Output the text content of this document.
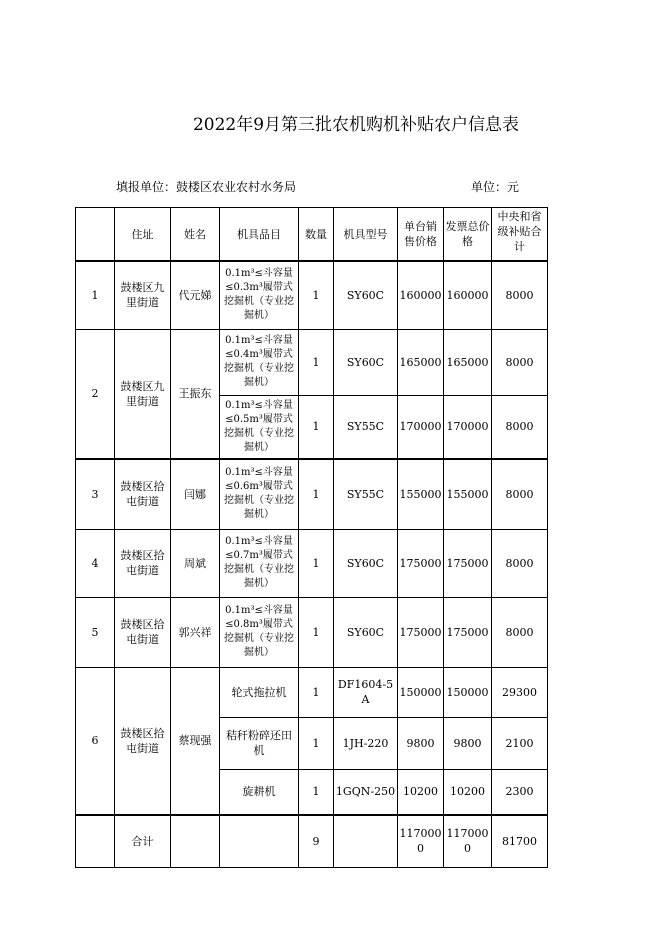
2022年9月第三批农机购机补贴农户信息表
填报单位：鼓楼区农业农村水务局	单位：元
	住址	姓名	机具品目	数量	机具型号	单台销售价格	发票总价格	中央和省级补贴合计

1	鼓楼区九里街道	代元娣	0.1m³≤斗容量≤0.3m³履带式挖掘机（专业挖掘机）	1	SY60C	160000	160000	8000
2	鼓楼区九里街道	王振东	0.1m³≤斗容量≤0.4m³履带式挖掘机（专业挖掘机）	1	SY60C	165000	165000	8000
			0.1m³≤斗容量≤0.5m³履带式挖掘机（专业挖掘机）	1	SY55C	170000	170000	8000
3	鼓楼区拾屯街道	闫娜	0.1m³≤斗容量≤0.6m³履带式挖掘机（专业挖掘机）	1	SY55C	155000	155000	8000
4	鼓楼区拾屯街道	周斌	0.1m³≤斗容量≤0.7m³履带式挖掘机（专业挖掘机）	1	SY60C	175000	175000	8000
5	鼓楼区拾屯街道	郭兴祥	0.1m³≤斗容量≤0.8m³履带式挖掘机（专业挖掘机）	1	SY60C	175000	175000	8000
6	鼓楼区拾屯街道	蔡现强	轮式拖拉机	1	DF1604-5A	150000	150000	29300
			秸秆粉碎还田机	1	1JH-220	9800	9800	2100
			旋耕机	1	1GQN-250	10200	10200	2300
	合计			9		1170000	1170000	81700
